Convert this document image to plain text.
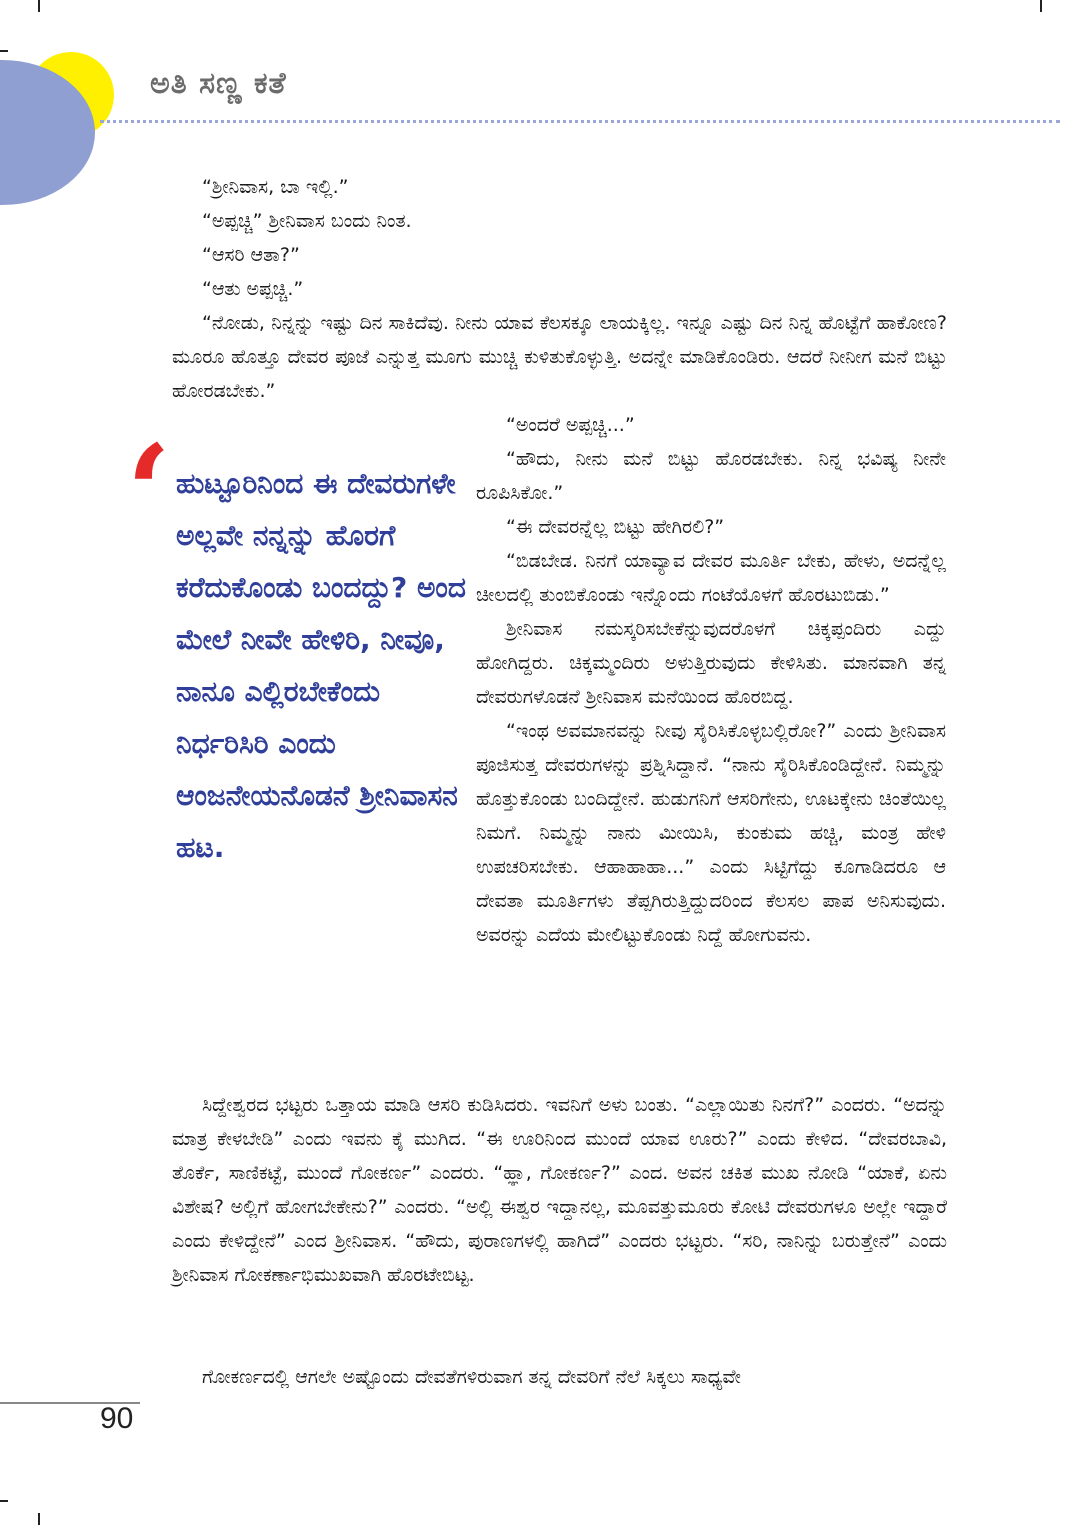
ಅತಿ ಸಣ್ಣ ಕತೆ

“ಶ್ರೀನಿವಾಸ, ಬಾ ಇಲ್ಲಿ.”

“ಅಪ್ಪಚ್ಚಿ” ಶ್ರೀನಿವಾಸ ಬಂದು ನಿಂತ.

“ಆಸರಿ ಆತಾ?”

“ಆತು ಅಪ್ಪಚ್ಚಿ.”

“ನೋಡು, ನಿನ್ನನ್ನು ಇಷ್ಟು ದಿನ ಸಾಕಿದೆವು. ನೀನು ಯಾವ ಕೆಲಸಕ್ಕೂ ಲಾಯಕ್ಕಿಲ್ಲ. ಇನ್ನೂ ಎಷ್ಟು ದಿನ ನಿನ್ನ ಹೊಟ್ಟೆಗೆ ಹಾಕೋಣ? ಮೂರೂ ಹೊತ್ತೂ ದೇವರ ಪೂಜೆ ಎನ್ನುತ್ತ ಮೂಗು ಮುಚ್ಚಿ ಕುಳಿತುಕೊಳ್ಳುತ್ತಿ. ಅದನ್ನೇ ಮಾಡಿಕೊಂಡಿರು. ಆದರೆ ನೀನೀಗ ಮನೆ ಬಿಟ್ಟು ಹೋರಡಬೇಕು.”

‘ ಹುಟ್ಟೂರಿನಿಂದ ಈ ದೇವರುಗಳೇ ಅಲ್ಲವೇ ನನ್ನನ್ನು ಹೊರಗೆ ಕರೆದುಕೊಂಡು ಬಂದದ್ದು? ಅಂದ ಮೇಲೆ ನೀವೇ ಹೇಳಿರಿ, ನೀವೂ, ನಾನೂ ಎಲ್ಲಿರಬೇಕೆಂದು ನಿರ್ಧರಿಸಿರಿ ಎಂದು ಆಂಜನೇಯನೊಡನೆ ಶ್ರೀನಿವಾಸನ ಹಟ.

“ಅಂದರೆ ಅಪ್ಪಚ್ಚಿ...”

“ಹೌದು, ನೀನು ಮನೆ ಬಿಟ್ಟು ಹೊರಡಬೇಕು. ನಿನ್ನ ಭವಿಷ್ಯ ನೀನೇ ರೂಪಿಸಿಕೋ.”

“ಈ ದೇವರನ್ನೆಲ್ಲ ಬಿಟ್ಟು ಹೇಗಿರಲಿ?”

“ಬಿಡಬೇಡ. ನಿನಗೆ ಯಾವ್ಯಾವ ದೇವರ ಮೂರ್ತಿ ಬೇಕು, ಹೇಳು, ಅದನ್ನೆಲ್ಲ ಚೀಲದಲ್ಲಿ ತುಂಬಿಕೊಂಡು ಇನ್ನೊಂದು ಗಂಟೆಯೊಳಗೆ ಹೊರಟುಬಿಡು.”

ಶ್ರೀನಿವಾಸ ನಮಸ್ಕರಿಸಬೇಕೆನ್ನುವುದರೊಳಗೆ ಚಿಕ್ಕಪ್ಪಂದಿರು ಎದ್ದು ಹೋಗಿದ್ದರು. ಚಿಕ್ಕಮ್ಮಂದಿರು ಅಳುತ್ತಿರುವುದು ಕೇಳಿಸಿತು. ಮಾನವಾಗಿ ತನ್ನ ದೇವರುಗಳೊಡನೆ ಶ್ರೀನಿವಾಸ ಮನೆಯಿಂದ ಹೊರಬಿದ್ದ.

“ಇಂಥ ಅವಮಾನವನ್ನು ನೀವು ಸೈರಿಸಿಕೊಳ್ಳಬಲ್ಲಿರೋ?” ಎಂದು ಶ್ರೀನಿವಾಸ ಪೂಜಿಸುತ್ತ ದೇವರುಗಳನ್ನು ಪ್ರಶ್ನಿಸಿದ್ದಾನೆ. “ನಾನು ಸೈರಿಸಿಕೊಂಡಿದ್ದೇನೆ. ನಿಮ್ಮನ್ನು ಹೊತ್ತುಕೊಂಡು ಬಂದಿದ್ದೇನೆ. ಹುಡುಗನಿಗೆ ಆಸರಿಗೇನು, ಊಟಕ್ಕೇನು ಚಿಂತೆಯಿಲ್ಲ ನಿಮಗೆ. ನಿಮ್ಮನ್ನು ನಾನು ಮೀಯಿಸಿ, ಕುಂಕುಮ ಹಚ್ಚಿ, ಮಂತ್ರ ಹೇಳಿ ಉಪಚರಿಸಬೇಕು. ಆಹಾಹಾಹಾ...” ಎಂದು ಸಿಟ್ಟಿಗೆದ್ದು ಕೂಗಾಡಿದರೂ ಆ ದೇವತಾ ಮೂರ್ತಿಗಳು ತೆಪ್ಪಗಿರುತ್ತಿದ್ದುದರಿಂದ ಕೆಲಸಲ ಪಾಪ ಅನಿಸುವುದು. ಅವರನ್ನು ಎದೆಯ ಮೇಲಿಟ್ಟುಕೊಂಡು ನಿದ್ದೆ ಹೋಗುವನು.

ಸಿದ್ದೇಶ್ವರದ ಭಟ್ಟರು ಒತ್ತಾಯ ಮಾಡಿ ಆಸರಿ ಕುಡಿಸಿದರು. ಇವನಿಗೆ ಅಳು ಬಂತು. “ಎಲ್ಲಾಯಿತು ನಿನಗೆ?” ಎಂದರು. “ಅದನ್ನು ಮಾತ್ರ ಕೇಳಬೇಡಿ” ಎಂದು ಇವನು ಕೈ ಮುಗಿದ. “ಈ ಊರಿನಿಂದ ಮುಂದೆ ಯಾವ ಊರು?” ಎಂದು ಕೇಳಿದ. “ದೇವರಬಾವಿ, ತೊರ್ಕೆ, ಸಾಣಿಕಟ್ಟೆ, ಮುಂದೆ ಗೋಕರ್ಣ” ಎಂದರು. “ಹ್ಞಾ, ಗೋಕರ್ಣ?” ಎಂದ. ಅವನ ಚಕಿತ ಮುಖ ನೋಡಿ “ಯಾಕೆ, ಏನು ವಿಶೇಷ? ಅಲ್ಲಿಗೆ ಹೋಗಬೇಕೇನು?” ಎಂದರು. “ಅಲ್ಲಿ ಈಶ್ವರ ಇದ್ದಾನಲ್ಲ, ಮೂವತ್ತುಮೂರು ಕೋಟಿ ದೇವರುಗಳೂ ಅಲ್ಲೇ ಇದ್ದಾರೆ ಎಂದು ಕೇಳಿದ್ದೇನೆ” ಎಂದ ಶ್ರೀನಿವಾಸ. “ಹೌದು, ಪುರಾಣಗಳಲ್ಲಿ ಹಾಗಿದೆ” ಎಂದರು ಭಟ್ಟರು. “ಸರಿ, ನಾನಿನ್ನು ಬರುತ್ತೇನೆ” ಎಂದು ಶ್ರೀನಿವಾಸ ಗೋಕರ್ಣಾಭಿಮುಖವಾಗಿ ಹೊರಟೇಬಿಟ್ಟ.

ಗೋಕರ್ಣದಲ್ಲಿ ಆಗಲೇ ಅಷ್ಟೊಂದು ದೇವತೆಗಳಿರುವಾಗ ತನ್ನ ದೇವರಿಗೆ ನೆಲೆ ಸಿಕ್ಕಲು ಸಾಧ್ಯವೇ

90
